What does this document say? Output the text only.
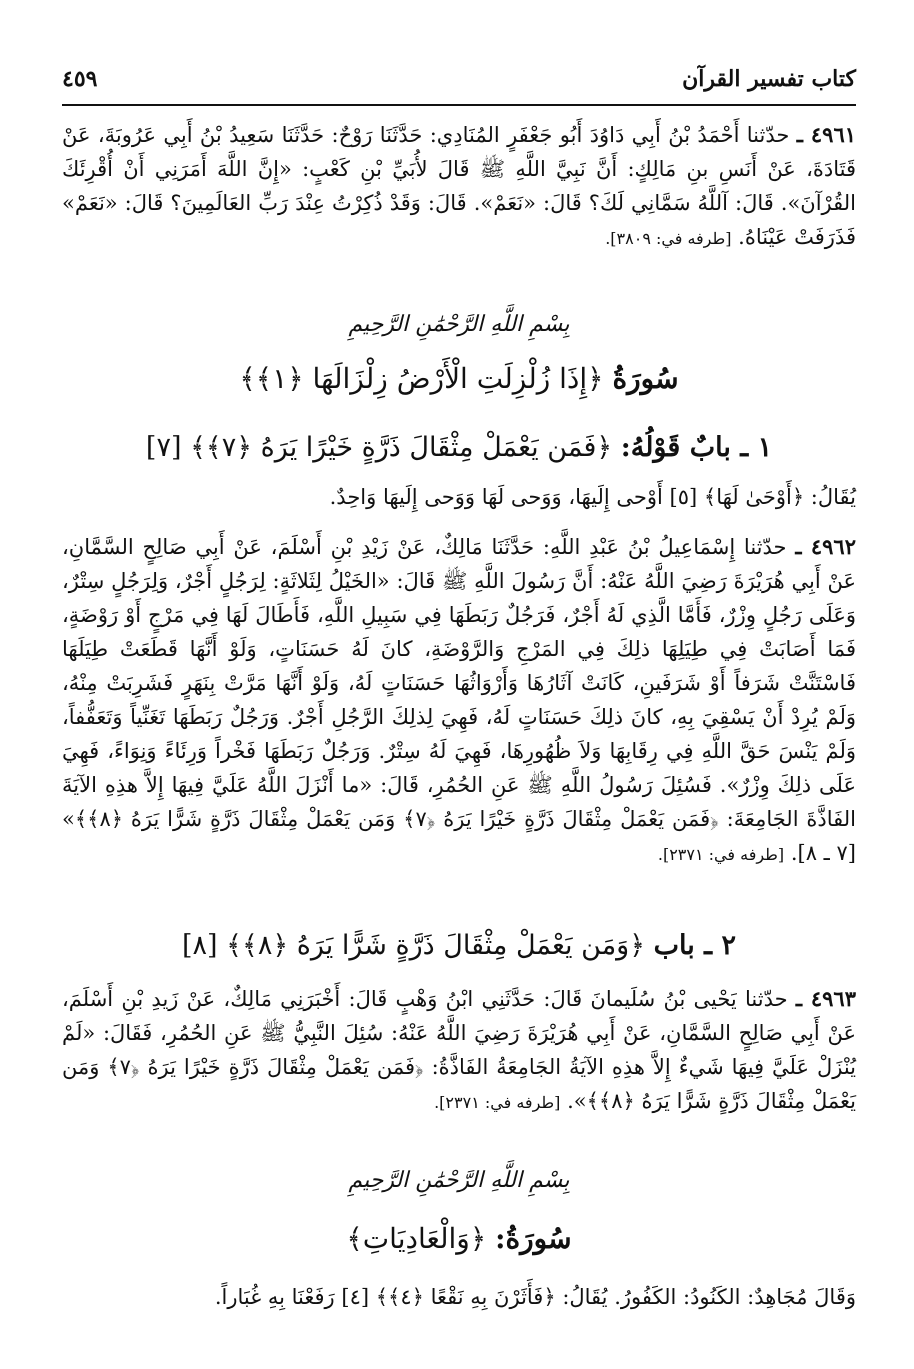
كتاب تفسير القرآن
٤٥٩
٤٩٦١ ـ حدّثنا أَحْمَدُ بْنُ أَبِي دَاوُدَ أَبُو جَعْفَرٍ المُنَادِي: حَدَّثَنَا رَوْحٌ: حَدَّثَنَا سَعِيدُ بْنُ أَبِي عَرُوبَةَ، عَنْ قَتَادَةَ، عَنْ أَنَسِ بنِ مَالِكٍ: أَنَّ نَبِيَّ اللَّهِ ﷺ قَالَ لأُبَيِّ بْنِ كَعْبٍ: «إِنَّ اللَّهَ أَمَرَنِي أَنْ أُقْرِئَكَ القُرْآنَ». قَالَ: آللَّهُ سَمَّانِي لَكَ؟ قَالَ: «نَعَمْ». قَالَ: وَقَدْ ذُكِرْتُ عِنْدَ رَبِّ العَالَمِينَ؟ قَالَ: «نَعَمْ» فَذَرَفَتْ عَيْنَاهُ. [طرفه في: ٣٨٠٩].
بِسْمِ اللَّهِ الرَّحْمَٰنِ الرَّحِيمِ
سُورَةُ ﴿إِذَا زُلْزِلَتِ الْأَرْضُ زِلْزَالَهَا ﴿١﴾﴾
١ ـ بابٌ قَوْلُهُ: ﴿فَمَن يَعْمَلْ مِثْقَالَ ذَرَّةٍ خَيْرًا يَرَهُ ﴿٧﴾﴾ [٧]
يُقَالُ: ﴿أَوْحَىٰ لَهَا﴾ [٥] أَوْحى إِلَيهَا، وَوَحى لَهَا وَوَحى إِلَيهَا وَاحِدٌ.
٤٩٦٢ ـ حدّثنا إِسْمَاعِيلُ بْنُ عَبْدِ اللَّهِ: حَدَّثَنَا مَالِكٌ، عَنْ زَيْدِ بْنِ أَسْلَمَ، عَنْ أَبِي صَالِحٍ السَّمَّانِ، عَنْ أَبِي هُرَيْرَةَ رَضِيَ اللَّهُ عَنْهُ: أَنَّ رَسُولَ اللَّهِ ﷺ قَالَ: «الخَيْلُ لِثَلاثَةٍ: لِرَجُلٍ أَجْرٌ، وَلِرَجُلٍ سِتْرٌ، وَعَلَى رَجُلٍ وِزْرٌ، فَأَمَّا الَّذِي لَهُ أَجْرٌ، فَرَجُلٌ رَبَطَهَا فِي سَبِيلِ اللَّهِ، فَأَطَالَ لَهَا فِي مَرْجٍ أَوْ رَوْضَةٍ، فَمَا أَصَابَتْ فِي طِيَلِهَا ذلِكَ فِي المَرْجِ وَالرَّوْضَةِ، كانَ لَهُ حَسَنَاتٍ، وَلَوْ أَنَّهَا قَطَعَتْ طِيَلَهَا فَاسْتَنَّتْ شَرَفاً أَوْ شَرَفَينِ، كَانَتْ آثَارُهَا وَأَرْوَاثُهَا حَسَنَاتٍ لَهُ، وَلَوْ أَنَّهَا مَرَّتْ بِنَهَرٍ فَشَرِبَتْ مِنْهُ، وَلَمْ يُرِدْ أَنْ يَسْقِيَ بِهِ، كانَ ذلِكَ حَسَنَاتٍ لَهُ، فَهِيَ لِذلِكَ الرَّجُلِ أَجْرٌ. وَرَجُلٌ رَبَطَهَا تَغَنِّياً وَتَعَفُّفاً، وَلَمْ يَنْسَ حَقَّ اللَّهِ فِي رِقَابِهَا وَلاَ ظُهُورِهَا، فَهِيَ لَهُ سِتْرٌ. وَرَجُلٌ رَبَطَهَا فَخْراً وَرِئَاءً وَنِوَاءً، فَهِيَ عَلَى ذلِكَ وِزْرٌ». فَسُئِلَ رَسُولُ اللَّهِ ﷺ عَنِ الحُمُرِ، قَالَ: «ما أَنْزَلَ اللَّهُ عَلَيَّ فِيهَا إِلاَّ هذِهِ الآيَةَ الفَاذَّةَ الجَامِعَةَ: ﴿فَمَن يَعْمَلْ مِثْقَالَ ذَرَّةٍ خَيْرًا يَرَهُ ﴿٧﴾ وَمَن يَعْمَلْ مِثْقَالَ ذَرَّةٍ شَرًّا يَرَهُ ﴿٨﴾﴾» [٧ ـ ٨]. [طرفه في: ٢٣٧١].
٢ ـ باب ﴿وَمَن يَعْمَلْ مِثْقَالَ ذَرَّةٍ شَرًّا يَرَهُ ﴿٨﴾﴾ [٨]
٤٩٦٣ ـ حدّثنا يَحْيى بْنُ سُلَيمانَ قَالَ: حَدَّثَنِي ابْنُ وَهْبٍ قَالَ: أَخْبَرَنِي مَالِكٌ، عَنْ زَيدِ بْنِ أَسْلَمَ، عَنْ أَبِي صَالِحٍ السَّمَّانِ، عَنْ أَبِي هُرَيْرَةَ رَضِيَ اللَّهُ عَنْهُ: سُئِلَ النَّبِيُّ ﷺ عَنِ الحُمُرِ، فَقَالَ: «لَمْ يُنْزَلْ عَلَيَّ فِيهَا شَيءٌ إِلاَّ هذِهِ الآيَةُ الجَامِعَةُ الفَاذَّةُ: ﴿فَمَن يَعْمَلْ مِثْقَالَ ذَرَّةٍ خَيْرًا يَرَهُ ﴿٧﴾ وَمَن يَعْمَلْ مِثْقَالَ ذَرَّةٍ شَرًّا يَرَهُ ﴿٨﴾﴾». [طرفه في: ٢٣٧١].
بِسْمِ اللَّهِ الرَّحْمَٰنِ الرَّحِيمِ
سُورَةُ: ﴿وَالْعَادِيَاتِ﴾
وَقَالَ مُجَاهِدٌ: الكَنُودُ: الكَفُورُ. يُقَالُ: ﴿فَأَثَرْنَ بِهِ نَقْعًا ﴿٤﴾﴾ [٤] رَفَعْنَا بِهِ غُبَاراً.
